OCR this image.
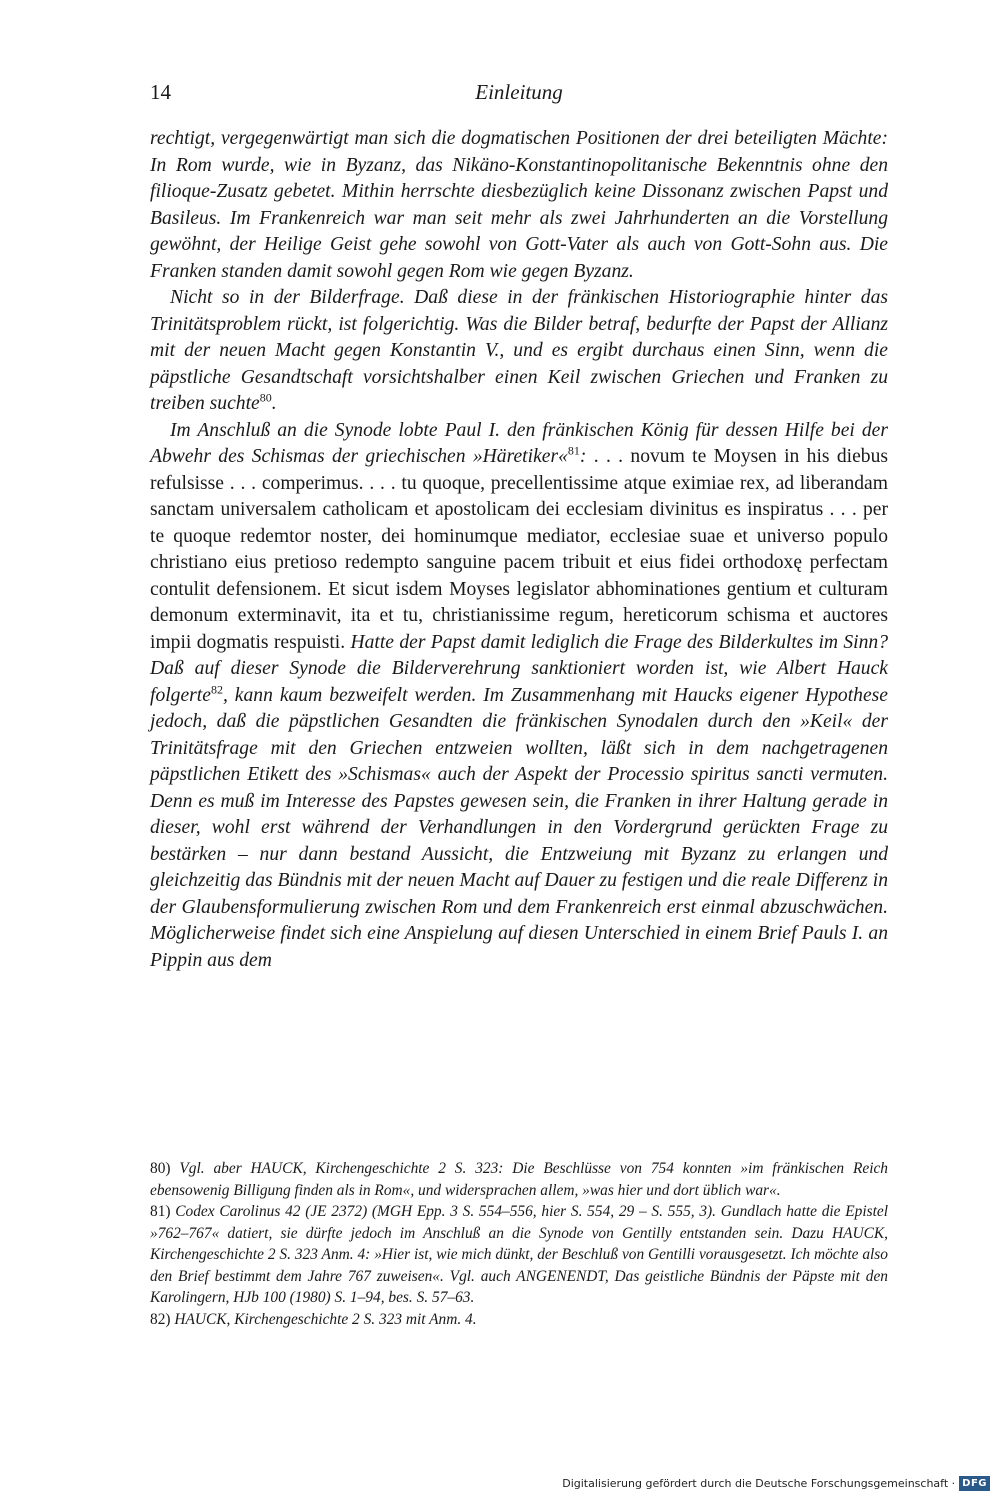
14	Einleitung

rechtigt, vergegenwärtigt man sich die dogmatischen Positionen der drei beteiligten Mächte: In Rom wurde, wie in Byzanz, das Nikäno-Konstantinopolitanische Bekenntnis ohne den filioque-Zusatz gebetet. Mithin herrschte diesbezüglich keine Dissonanz zwischen Papst und Basileus. Im Frankenreich war man seit mehr als zwei Jahrhunderten an die Vorstellung gewöhnt, der Heilige Geist gehe sowohl von Gott-Vater als auch von Gott-Sohn aus. Die Franken standen damit sowohl gegen Rom wie gegen Byzanz.

Nicht so in der Bilderfrage. Daß diese in der fränkischen Historiographie hinter das Trinitätsproblem rückt, ist folgerichtig. Was die Bilder betraf, bedurfte der Papst der Allianz mit der neuen Macht gegen Konstantin V., und es ergibt durchaus einen Sinn, wenn die päpstliche Gesandtschaft vorsichtshalber einen Keil zwischen Griechen und Franken zu treiben suchte$^{80}$.

Im Anschluß an die Synode lobte Paul I. den fränkischen König für dessen Hilfe bei der Abwehr des Schismas der griechischen »Häretiker«$^{81}$: . . . novum te Moysen in his diebus refulsisse . . . comperimus. . . . tu quoque, precellentissime atque eximiae rex, ad liberandam sanctam universalem catholicam et apostolicam dei ecclesiam divinitus es inspiratus . . . per te quoque redemtor noster, dei hominumque mediator, ecclesiae suae et universo populo christiano eius pretioso redempto sanguine pacem tribuit et eius fidei orthodoxę perfectam contulit defensionem. Et sicut isdem Moyses legislator abhominationes gentium et culturam demonum exterminavit, ita et tu, christianissime regum, hereticorum schisma et auctores impii dogmatis respuisti. Hatte der Papst damit lediglich die Frage des Bilderkultes im Sinn? Daß auf dieser Synode die Bilderverehrung sanktioniert worden ist, wie Albert Hauck folgerte$^{82}$, kann kaum bezweifelt werden. Im Zusammenhang mit Haucks eigener Hypothese jedoch, daß die päpstlichen Gesandten die fränkischen Synodalen durch den »Keil« der Trinitätsfrage mit den Griechen entzweien wollten, läßt sich in dem nachgetragenen päpstlichen Etikett des »Schismas« auch der Aspekt der Processio spiritus sancti vermuten. Denn es muß im Interesse des Papstes gewesen sein, die Franken in ihrer Haltung gerade in dieser, wohl erst während der Verhandlungen in den Vordergrund gerückten Frage zu bestärken – nur dann bestand Aussicht, die Entzweiung mit Byzanz zu erlangen und gleichzeitig das Bündnis mit der neuen Macht auf Dauer zu festigen und die reale Differenz in der Glaubensformulierung zwischen Rom und dem Frankenreich erst einmal abzuschwächen. Möglicherweise findet sich eine Anspielung auf diesen Unterschied in einem Brief Pauls I. an Pippin aus dem

80) Vgl. aber HAUCK, Kirchengeschichte 2 S. 323: Die Beschlüsse von 754 konnten »im fränkischen Reich ebensowenig Billigung finden als in Rom«, und widersprachen allem, »was hier und dort üblich war«.

81) Codex Carolinus 42 (JE 2372) (MGH Epp. 3 S. 554–556, hier S. 554, 29 – S. 555, 3). Gundlach hatte die Epistel »762–767« datiert, sie dürfte jedoch im Anschluß an die Synode von Gentilly entstanden sein. Dazu HAUCK, Kirchengeschichte 2 S. 323 Anm. 4: »Hier ist, wie mich dünkt, der Beschluß von Gentilli vorausgesetzt. Ich möchte also den Brief bestimmt dem Jahre 767 zuweisen«. Vgl. auch ANGENENDT, Das geistliche Bündnis der Päpste mit den Karolingern, HJb 100 (1980) S. 1–94, bes. S. 57–63.

82) HAUCK, Kirchengeschichte 2 S. 323 mit Anm. 4.

Digitalisierung gefördert durch die Deutsche Forschungsgemeinschaft · DFG
